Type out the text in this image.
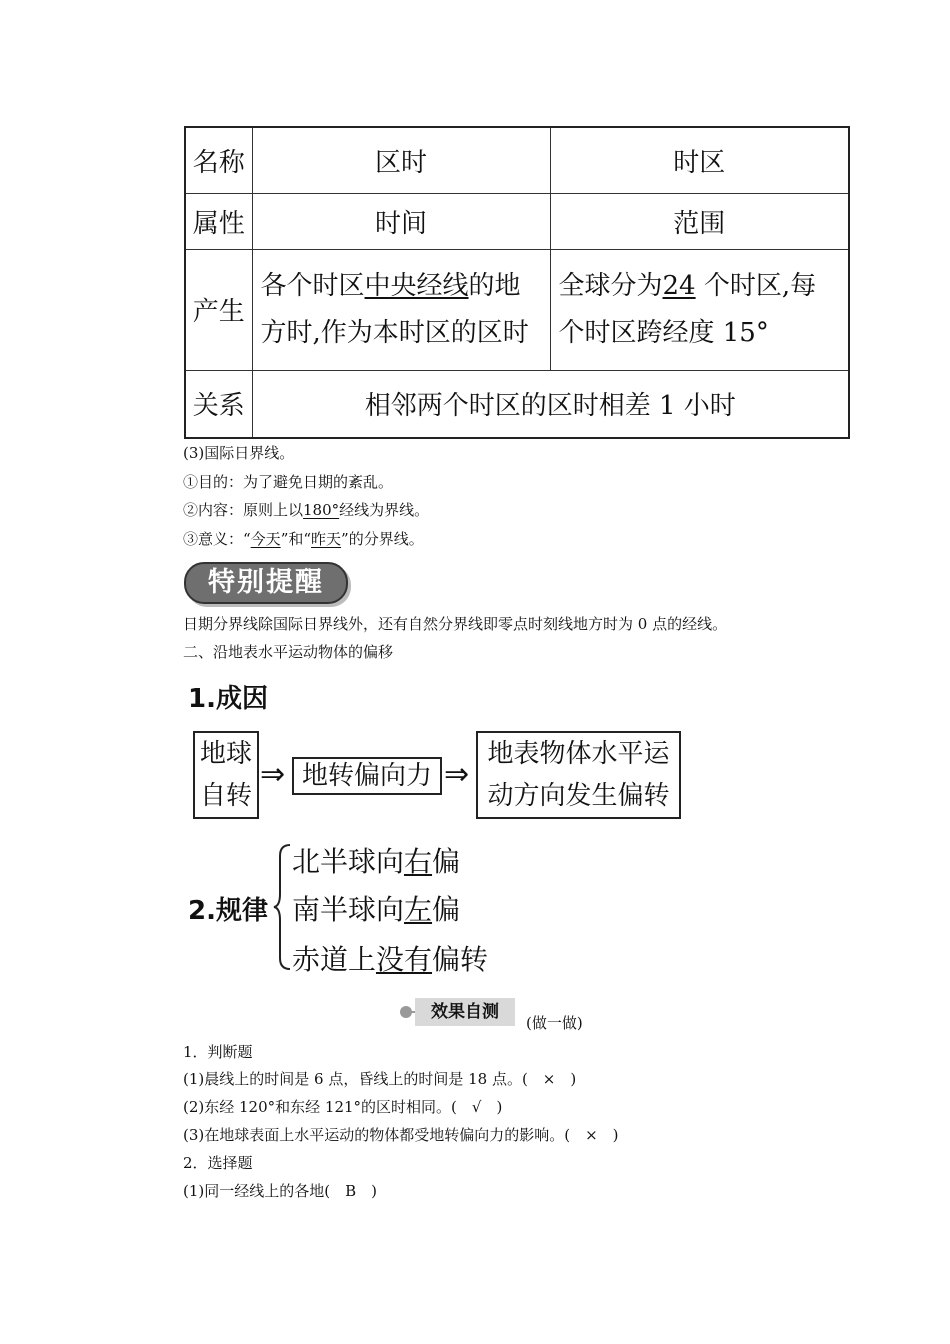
名称	区时	时区
属性	时间	范围
产生	各个时区中央经线的地方时,作为本时区的区时	全球分为24 个时区,每个时区跨经度 15°
关系	相邻两个时区的区时相差 1 小时	
(3)国际日界线。
①目的：为了避免日期的紊乱。
②内容：原则上以180°经线为界线。
③意义：“今天”和“昨天”的分界线。
特别提醒
日期分界线除国际日界线外，还有自然分界线即零点时刻线地方时为 0 点的经线。
二、沿地表水平运动物体的偏移
1.成因
地球
自转
⇒ 地转偏向力 ⇒
地表物体水平运
动方向发生偏转
2.规律
北半球向右偏
南半球向左偏
赤道上没有偏转
效果自测
(做一做)
1．判断题
(1)晨线上的时间是 6 点，昏线上的时间是 18 点。(　×　)
(2)东经 120°和东经 121°的区时相同。(　√　)
(3)在地球表面上水平运动的物体都受地转偏向力的影响。(　×　)
2．选择题
(1)同一经线上的各地(　B　)
